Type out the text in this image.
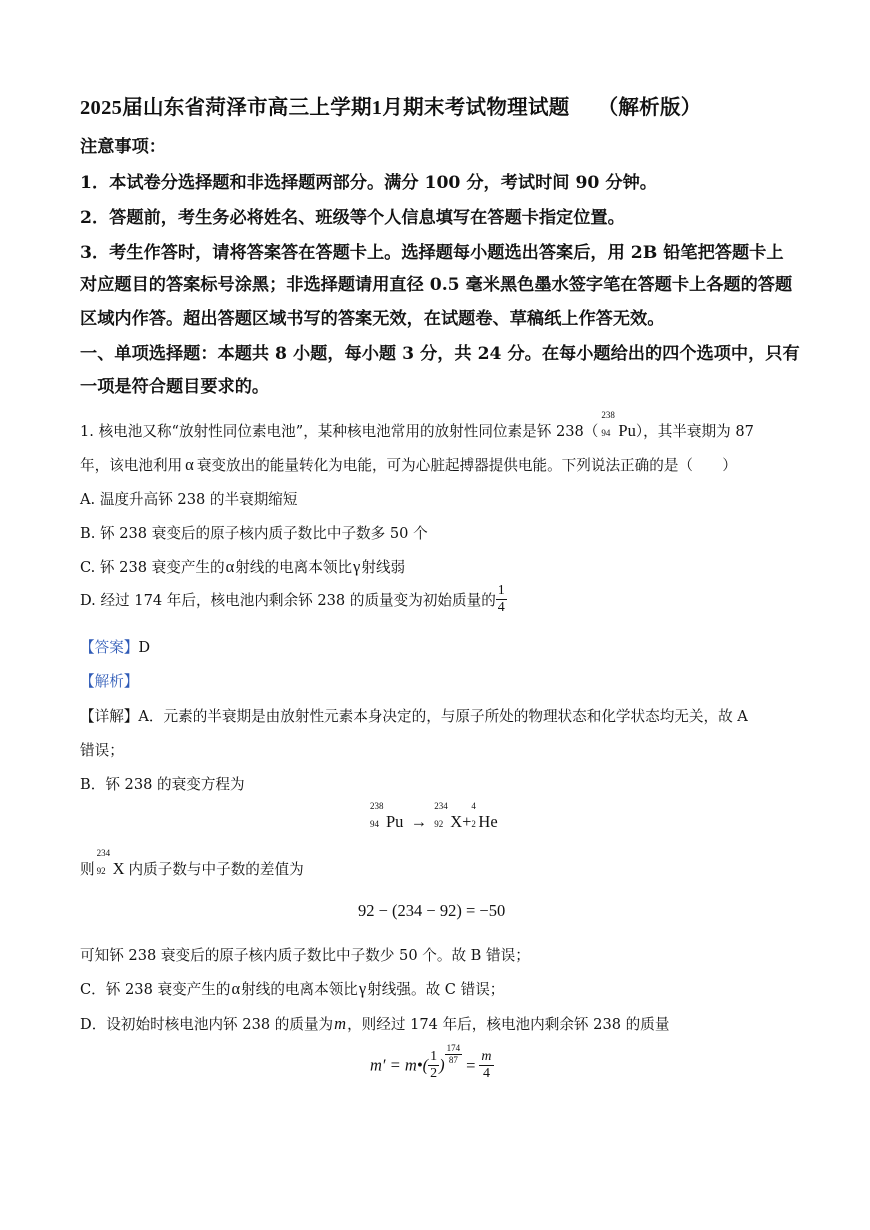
2025届山东省菏泽市高三上学期1月期末考试物理试题 （解析版）
注意事项：
1．本试卷分选择题和非选择题两部分。满分 100 分，考试时间 90 分钟。
2．答题前，考生务必将姓名、班级等个人信息填写在答题卡指定位置。
3．考生作答时，请将答案答在答题卡上。选择题每小题选出答案后，用 2B 铅笔把答题卡上
对应题目的答案标号涂黑；非选择题请用直径 0.5 毫米黑色墨水签字笔在答题卡上各题的答题
区域内作答。超出答题区域书写的答案无效，在试题卷、草稿纸上作答无效。
一、单项选择题：本题共 8 小题，每小题 3 分，共 24 分。在每小题给出的四个选项中，只有
一项是符合题目要求的。
1. 核电池又称“放射性同位素电池”，某种核电池常用的放射性同位素是钚 238（
238
94 Pu），其半衰期为 87
年，该电池利用 α 衰变放出的能量转化为电能，可为心脏起搏器提供电能。下列说法正确的是（　　）
A. 温度升高钚 238 的半衰期缩短
B. 钚 238 衰变后的原子核内质子数比中子数多 50 个
C. 钚 238 衰变产生的α射线的电离本领比γ射线弱
D. 经过 174 年后，核电池内剩余钚 238 的质量变为初始质量的 $\frac{1}{4}$
【答案】D
【解析】
【详解】A．元素的半衰期是由放射性元素本身决定的，与原子所处的物理状态和化学状态均无关，故 A
错误；
B．钚 238 的衰变方程为
238
94 Pu →
234
92 X+
4
2 He
则
234
92 X 内质子数与中子数的差值为
92 − (234 − 92) = −50
可知钚 238 衰变后的原子核内质子数比中子数少 50 个。故 B 错误；
C．钚 238 衰变产生的α射线的电离本领比γ射线强。故 C 错误；
D．设初始时核电池内钚 238 的质量为m，则经过 174 年后，核电池内剩余钚 238 的质量
m′ = m•( $\frac{1}{2}$ ) $\frac{174}{87} = \frac{m}{4}$
